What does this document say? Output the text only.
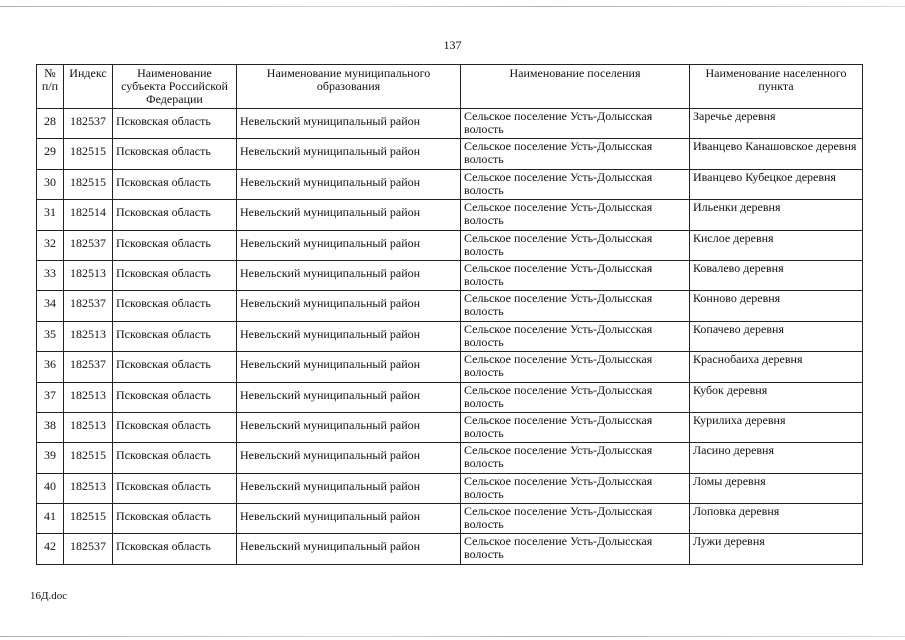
137
№ п/п	Индекс	Наименование субъекта Российской Федерации	Наименование муниципального образования	Наименование поселения	Наименование населенного пункта
28	182537	Псковская область	Невельский муниципальный район	Сельское поселение Усть-Долысская волость	Заречье деревня
29	182515	Псковская область	Невельский муниципальный район	Сельское поселение Усть-Долысская волость	Иванцево Канашовское деревня
30	182515	Псковская область	Невельский муниципальный район	Сельское поселение Усть-Долысская волость	Иванцево Кубецкое деревня
31	182514	Псковская область	Невельский муниципальный район	Сельское поселение Усть-Долысская волость	Ильенки деревня
32	182537	Псковская область	Невельский муниципальный район	Сельское поселение Усть-Долысская волость	Кислое деревня
33	182513	Псковская область	Невельский муниципальный район	Сельское поселение Усть-Долысская волость	Ковалево деревня
34	182537	Псковская область	Невельский муниципальный район	Сельское поселение Усть-Долысская волость	Конново деревня
35	182513	Псковская область	Невельский муниципальный район	Сельское поселение Усть-Долысская волость	Копачево деревня
36	182537	Псковская область	Невельский муниципальный район	Сельское поселение Усть-Долысская волость	Краснобаиха деревня
37	182513	Псковская область	Невельский муниципальный район	Сельское поселение Усть-Долысская волость	Кубок деревня
38	182513	Псковская область	Невельский муниципальный район	Сельское поселение Усть-Долысская волость	Курилиха деревня
39	182515	Псковская область	Невельский муниципальный район	Сельское поселение Усть-Долысская волость	Ласино деревня
40	182513	Псковская область	Невельский муниципальный район	Сельское поселение Усть-Долысская волость	Ломы деревня
41	182515	Псковская область	Невельский муниципальный район	Сельское поселение Усть-Долысская волость	Лоповка деревня
42	182537	Псковская область	Невельский муниципальный район	Сельское поселение Усть-Долысская волость	Лужи деревня
16Д.doc
